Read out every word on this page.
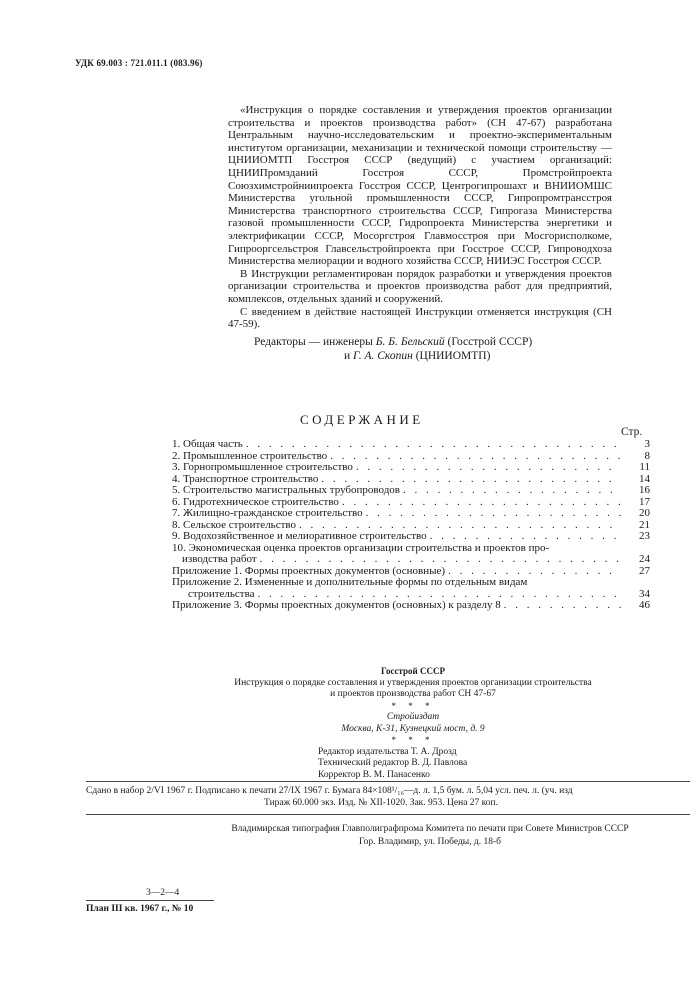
УДК 69.003 : 721.011.1 (083.96)

«Инструкция о порядке составления и утверждения проектов организации строительства и проектов производства работ» (СН 47-67) разработана Центральным научно-исследовательским и проектно-экспериментальным институтом организации, механизации и технической помощи строительству — ЦНИИОМТП Госстроя СССР (ведущий) с участием организаций: ЦНИИПромзданий Госстроя СССР, Промстройпроекта Союзхимстройниипроекта Госстроя СССР, Центрогипрошахт и ВНИИОМШС Министерства угольной промышленности СССР, Гипропромтрансстроя Министерства транспортного строительства СССР, Гипрогаза Министерства газовой промышленности СССР, Гидропроекта Министерства энергетики и электрификации СССР, Мосоргстроя Главмосстроя при Мосгорисполкоме, Гипрооргсельстроя Главсельстройпроекта при Госстрое СССР, Гипроводхоза Министерства мелиорации и водного хозяйства СССР, НИИЭС Госстроя СССР.

В Инструкции регламентирован порядок разработки и утверждения проектов организации строительства и проектов производства работ для предприятий, комплексов, отдельных зданий и сооружений.

С введением в действие настоящей Инструкции отменяется инструкция (СН 47-59).

Редакторы — инженеры Б. Б. Бельский (Госстрой СССР)
и Г. А. Скопин (ЦНИИОМТП)
СОДЕРЖАНИЕ
Стр.
1. Общая часть . . .	3
2. Промышленное строительство . . .	8
3. Горнопромышленное строительство . . .	11
4. Транспортное строительство . . .	14
5. Строительство магистральных трубопроводов . . .	16
6. Гидротехническое строительство . . .	17
7. Жилищно-гражданское строительство . . .	20
8. Сельское строительство . . .	21
9. Водохозяйственное и мелиоративное строительство . . .	23
10. Экономическая оценка проектов организации строительства и проектов про-
изводства работ . . .	24
Приложение 1. Формы проектных документов (основные) . . .	27
Приложение 2. Измененные и дополнительные формы по отдельным видам
строительства . . .	34
Приложение 3. Формы проектных документов (основных) к разделу 8 . . .	46
Госстрой СССР
Инструкция о порядке составления и утверждения проектов организации строительства
и проектов производства работ СН 47-67
* * *
Стройиздат
Москва, К-31, Кузнецкий мост, д. 9
* * *
Редактор издательства Т. А. Дрозд
Технический редактор В. Д. Павлова
Корректор В. М. Панасенко
Сдано в набор 2/VI 1967 г. Подписано к печати 27/IX 1967 г. Бумага 84×108¹/₁₆—д. л. 1,5 бум. л. 5,04 усл. печ. л. (уч. изд
Тираж 60.000 экз. Изд. № XII-1020. Зак. 953. Цена 27 коп.
Владимирская типография Главполиграфпрома Комитета по печати при Совете Министров СССР
Гор. Владимир, ул. Победы, д. 18-б
3—2—4
План III кв. 1967 г., № 10
